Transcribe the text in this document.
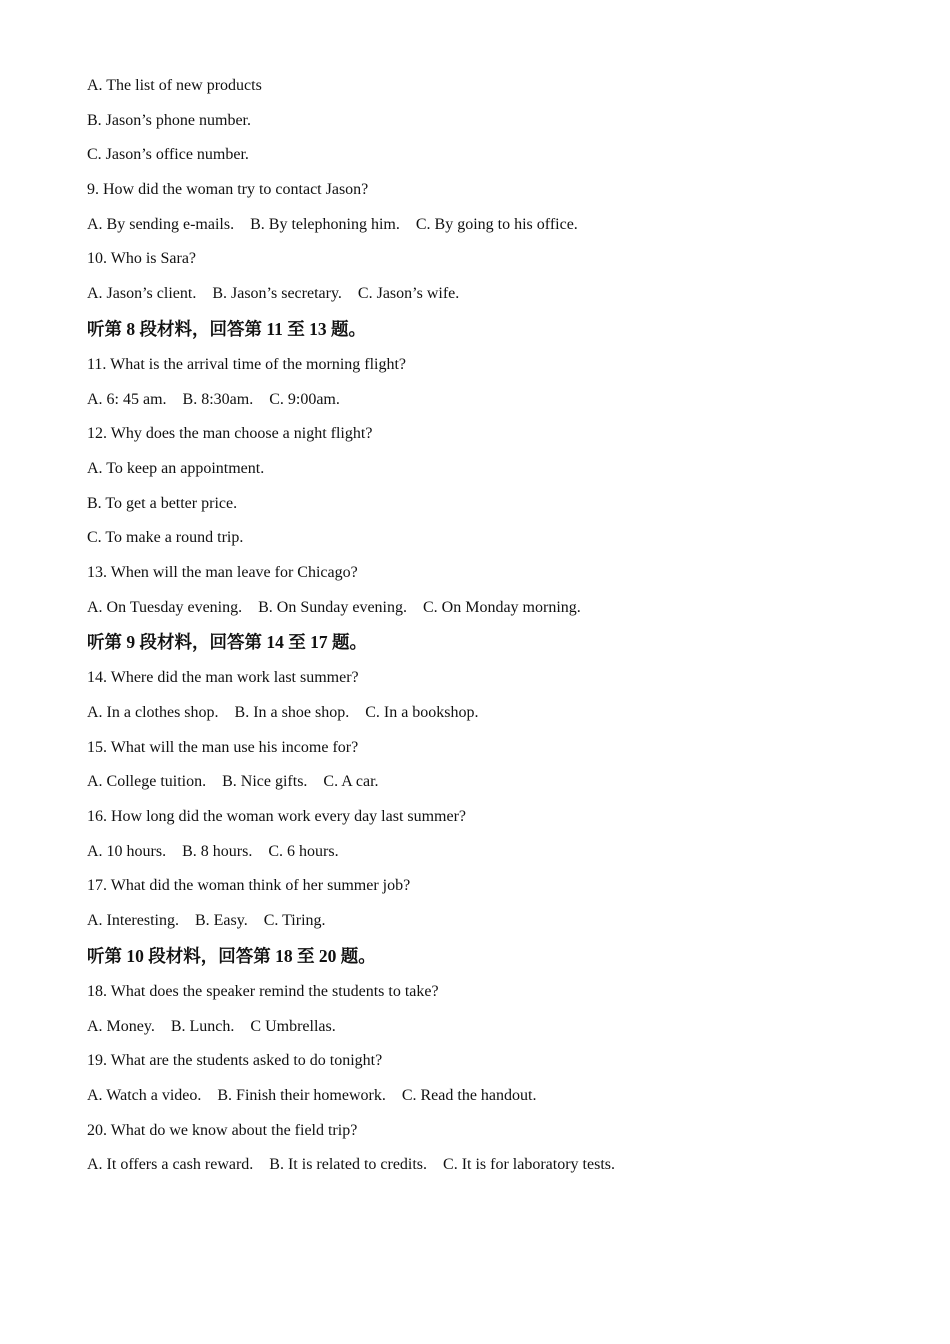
A. The list of new products
B. Jason’s phone number.
C. Jason’s office number.
9. How did the woman try to contact Jason?
A. By sending e-mails.    B. By telephoning him.    C. By going to his office.
10. Who is Sara?
A. Jason’s client.    B. Jason’s secretary.    C. Jason’s wife.
听第 8 段材料，回答第 11 至 13 题。
11. What is the arrival time of the morning flight?
A. 6: 45 am.    B. 8:30am.    C. 9:00am.
12. Why does the man choose a night flight?
A. To keep an appointment.
B. To get a better price.
C. To make a round trip.
13. When will the man leave for Chicago?
A. On Tuesday evening.    B. On Sunday evening.    C. On Monday morning.
听第 9 段材料，回答第 14 至 17 题。
14. Where did the man work last summer?
A. In a clothes shop.    B. In a shoe shop.    C. In a bookshop.
15. What will the man use his income for?
A. College tuition.    B. Nice gifts.    C. A car.
16. How long did the woman work every day last summer?
A. 10 hours.    B. 8 hours.    C. 6 hours.
17. What did the woman think of her summer job?
A. Interesting.    B. Easy.    C. Tiring.
听第 10 段材料，回答第 18 至 20 题。
18. What does the speaker remind the students to take?
A. Money.    B. Lunch.    C Umbrellas.
19. What are the students asked to do tonight?
A. Watch a video.    B. Finish their homework.    C. Read the handout.
20. What do we know about the field trip?
A. It offers a cash reward.    B. It is related to credits.    C. It is for laboratory tests.
